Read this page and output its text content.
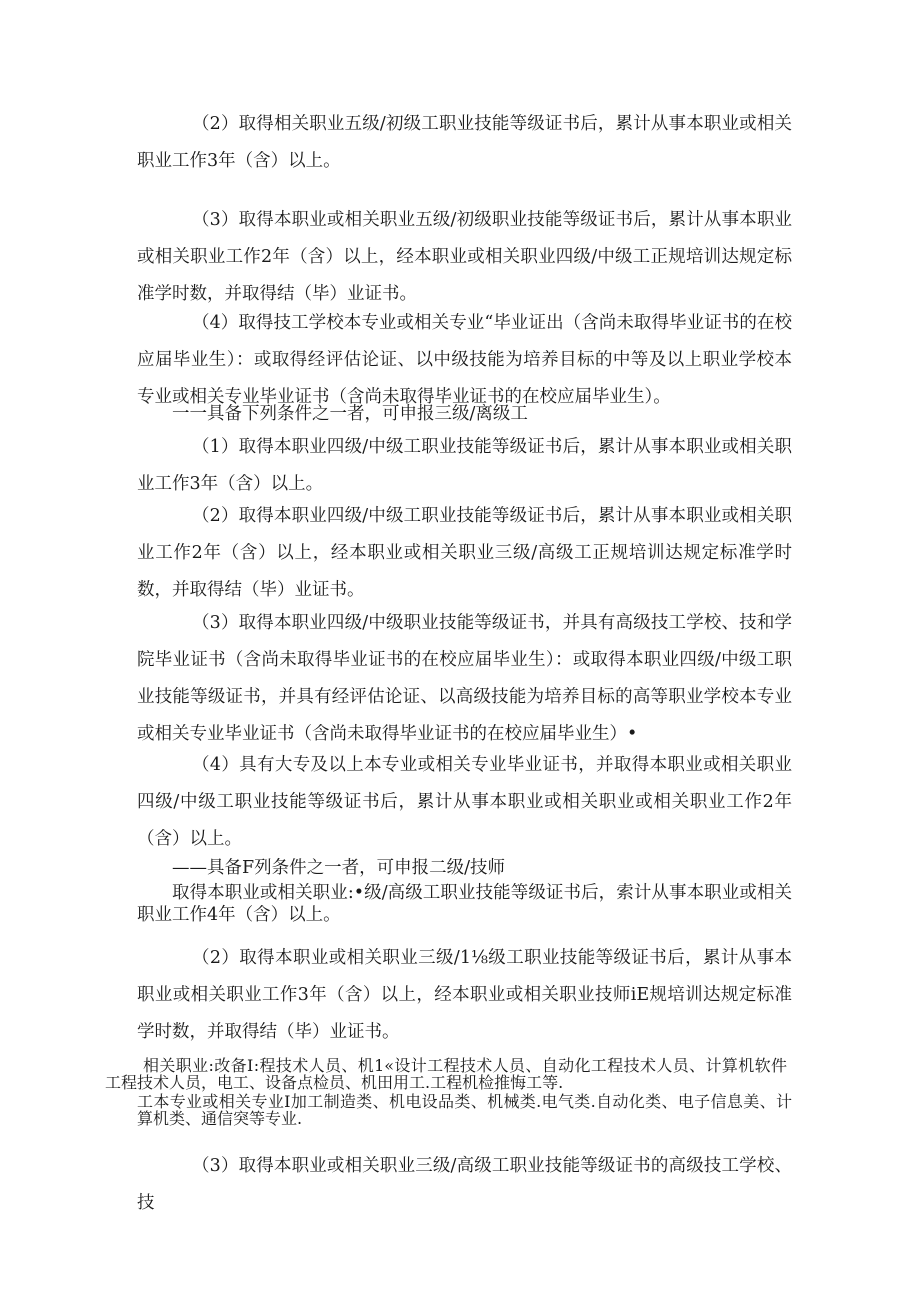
（2）取得相关职业五级/初级工职业技能等级证书后，累计从事本职业或相关职业工作3年（含）以上。

（3）取得本职业或相关职业五级/初级职业技能等级证书后，累计从事本职业或相关职业工作2年（含）以上，经本职业或相关职业四级/中级工正规培训达规定标准学时数，并取得结（毕）业证书。

（4）取得技工学校本专业或相关专业“毕业证出（含尚未取得毕业证书的在校应届毕业生）：或取得经评估论证、以中级技能为培养目标的中等及以上职业学校本专业或相关专业毕业证书（含尚未取得毕业证书的在校应届毕业生）。

一一具备下列条件之一者，可申报三级/离级工

（1）取得本职业四级/中级工职业技能等级证书后，累计从事本职业或相关职业工作3年（含）以上。

（2）取得本职业四级/中级工职业技能等级证书后，累计从事本职业或相关职业工作2年（含）以上，经本职业或相关职业三级/高级工正规培训达规定标准学时数，并取得结（毕）业证书。

（3）取得本职业四级/中级职业技能等级证书，并具有高级技工学校、技和学院毕业证书（含尚未取得毕业证书的在校应届毕业生）：或取得本职业四级/中级工职业技能等级证书，并具有经评估论证、以高级技能为培养目标的高等职业学校本专业或相关专业毕业证书（含尚未取得毕业证书的在校应届毕业生）•

（4）具有大专及以上本专业或相关专业毕业证书，并取得本职业或相关职业四级/中级工职业技能等级证书后，累计从事本职业或相关职业或相关职业工作2年（含）以上。

——具备F列条件之一者，可申报二级/技师

取得本职业或相关职业:•级/高级工职业技能等级证书后，索计从事本职业或相关职业工作4年（含）以上。

（2）取得本职业或相关职业三级/1⅛级工职业技能等级证书后，累计从事本职业或相关职业工作3年（含）以上，经本职业或相关职业技师iE规培训达规定标准学时数，并取得结（毕）业证书。

相关职业:改备Ⅰ:程技术人员、机1«设计工程技术人员、自动化工程技术人员、计算机软件工程技术人员，电工、设备点检员、机田用工.工程机检推悔工等.

工本专业或相关专业I加工制造类、机电设品类、机械类.电气类.自动化类、电子信息美、计算机类、通信突等专业.

（3）取得本职业或相关职业三级/高级工职业技能等级证书的高级技工学校、技
